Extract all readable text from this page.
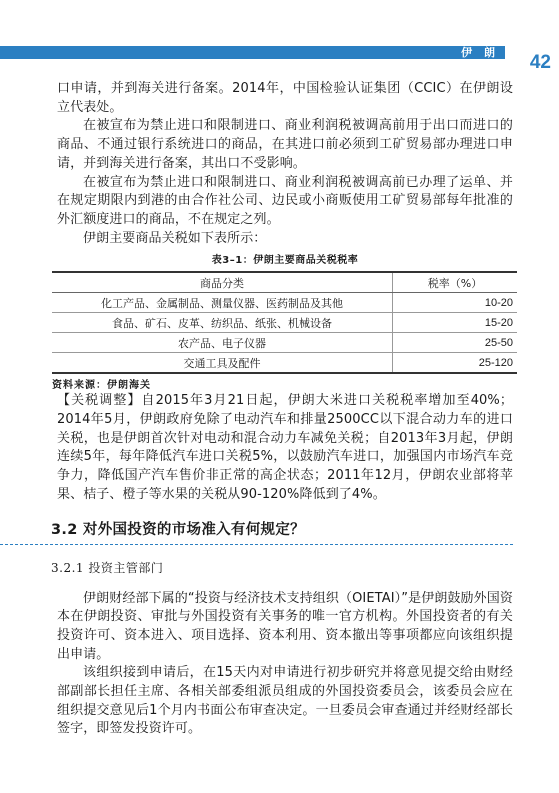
伊 朗 42

口申请，并到海关进行备案。2014年，中国检验认证集团（CCIC）在伊朗设立代表处。

在被宣布为禁止进口和限制进口、商业利润税被调高前用于出口而进口的商品、不通过银行系统进口的商品，在其进口前必须到工矿贸易部办理进口申请，并到海关进行备案，其出口不受影响。

在被宣布为禁止进口和限制进口、商业利润税被调高前已办理了运单、并在规定期限内到港的由合作社公司、边民或小商贩使用工矿贸易部每年批准的外汇额度进口的商品，不在规定之列。

伊朗主要商品关税如下表所示：

表3–1：伊朗主要商品关税税率
商品分类	税率（%）
化工产品、金属制品、测量仪器、医药制品及其他	10-20
食品、矿石、皮革、纺织品、纸张、机械设备	15-20
农产品、电子仪器	25-50
交通工具及配件	25-120
资料来源：伊朗海关

【关税调整】自2015年3月21日起，伊朗大米进口关税税率增加至40%；2014年5月，伊朗政府免除了电动汽车和排量2500CC以下混合动力车的进口关税，也是伊朗首次针对电动和混合动力车减免关税；自2013年3月起，伊朗连续5年，每年降低汽车进口关税5%，以鼓励汽车进口，加强国内市场汽车竞争力，降低国产汽车售价非正常的高企状态；2011年12月，伊朗农业部将苹果、桔子、橙子等水果的关税从90-120%降低到了4%。

3.2 对外国投资的市场准入有何规定？
3.2.1 投资主管部门

伊朗财经部下属的“投资与经济技术支持组织（OIETAI）”是伊朗鼓励外国资本在伊朗投资、审批与外国投资有关事务的唯一官方机构。外国投资者的有关投资许可、资本进入、项目选择、资本利用、资本撤出等事项都应向该组织提出申请。

该组织接到申请后，在15天内对申请进行初步研究并将意见提交给由财经部副部长担任主席、各相关部委组派员组成的外国投资委员会，该委员会应在组织提交意见后1个月内书面公布审查决定。一旦委员会审查通过并经财经部长签字，即签发投资许可。
